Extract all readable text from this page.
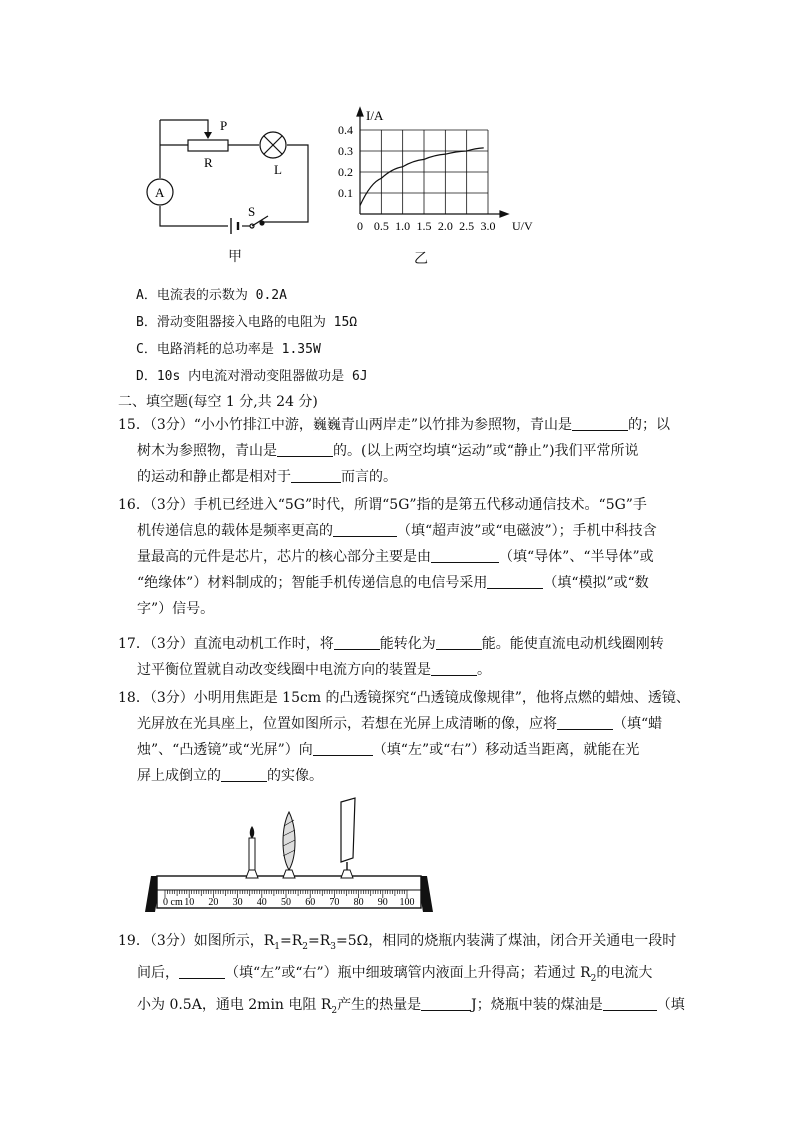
P
R	L
A
S
甲
0.4
0.3
0.2
0.1
0 0.5 1.0 1.5 2.0 2.5 3.0
I/A
U/V
乙
A．电流表的示数为 0.2A
B．滑动变阻器接入电路的电阻为 15Ω
C．电路消耗的总功率是 1.35W
D．10s 内电流对滑动变阻器做功是 6J
二、填空题(每空 1 分,共 24 分)
15．（3分）“小小竹排江中游，巍巍青山两岸走”以竹排为参照物，青山是	的；以
树木为参照物，青山是	的。(以上两空均填“运动”或“静止”)我们平常所说
的运动和静止都是相对于	而言的。
16．（3分）手机已经进入“5G”时代，所谓“5G”指的是第五代移动通信技术。“5G”手
机传递信息的载体是频率更高的	（填“超声波”或“电磁波”）；手机中科技含
量最高的元件是芯片，芯片的核心部分主要是由	（填“导体”、“半导体”或
“绝缘体”）材料制成的；智能手机传递信息的电信号采用	（填“模拟”或“数
字”）信号。
17．（3分）直流电动机工作时，将	能转化为	能。能使直流电动机线圈刚转
过平衡位置就自动改变线圈中电流方向的装置是	。
18．（3分）小明用焦距是 15cm 的凸透镜探究“凸透镜成像规律”，他将点燃的蜡烛、透镜、
光屏放在光具座上，位置如图所示，若想在光屏上成清晰的像，应将	（填“蜡
烛”、“凸透镜”或“光屏”）向	（填“左”或“右”）移动适当距离，就能在光
屏上成倒立的	的实像。
0 cm 10 20 30 40 50 60 70 80 90 100
19．（3分）如图所示，$R_1=R_2=R_3=5\Omega$，相同的烧瓶内装满了煤油，闭合开关通电一段时
间后，	（填“左”或“右”）瓶中细玻璃管内液面上升得高；若通过 $R_2$的电流大
小为 0.5A，通电 2min 电阻 $R_2$产生的热量是	J；烧瓶中装的煤油是	（填
